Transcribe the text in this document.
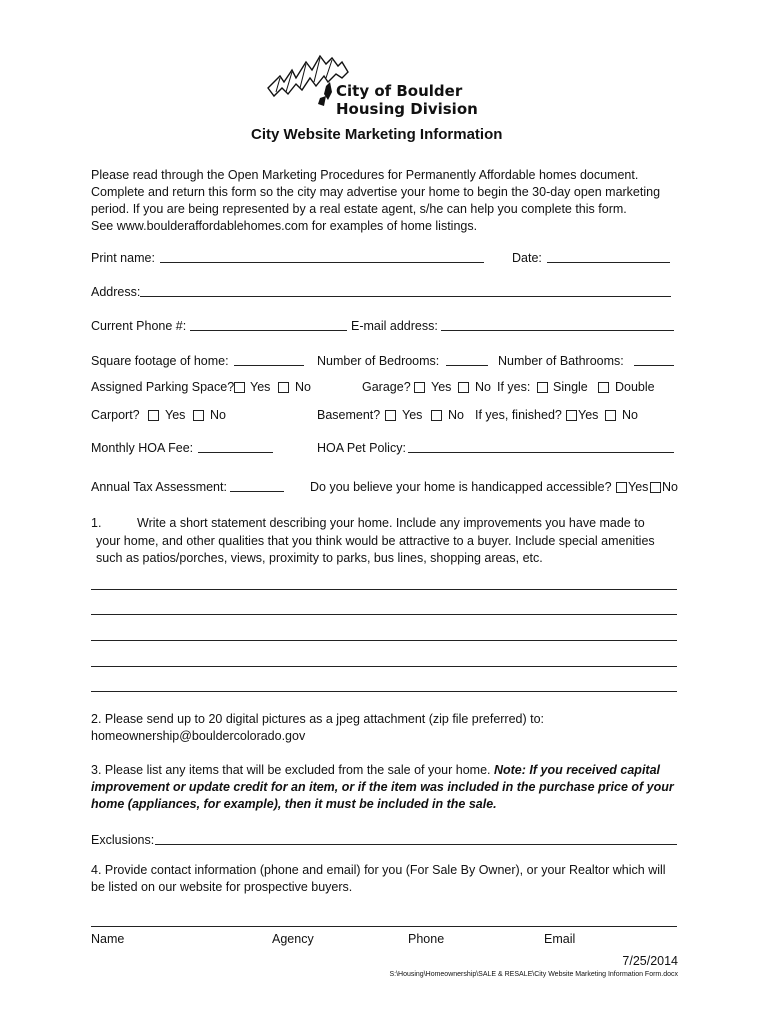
City of Boulder
Housing Division
City Website Marketing Information
Please read through the Open Marketing Procedures for Permanently Affordable homes document.
Complete and return this form so the city may advertise your home to begin the 30-day open marketing
period. If you are being represented by a real estate agent, s/he can help you complete this form.
See www.boulderaffordablehomes.com for examples of home listings.
Print name:	Date:
Address:
Current Phone #:	E-mail address:
Square footage of home:	Number of Bedrooms:	Number of Bathrooms:
Assigned Parking Space? Yes No	Garage? Yes No If yes: Single Double
Carport? Yes No	Basement? Yes No If yes, finished? Yes No
Monthly HOA Fee:	HOA Pet Policy:
Annual Tax Assessment:	Do you believe your home is handicapped accessible? Yes No
1.	Write a short statement describing your home. Include any improvements you have made to
your home, and other qualities that you think would be attractive to a buyer. Include special amenities
such as patios/porches, views, proximity to parks, bus lines, shopping areas, etc.
2. Please send up to 20 digital pictures as a jpeg attachment (zip file preferred) to:
homeownership@bouldercolorado.gov
3. Please list any items that will be excluded from the sale of your home. Note: If you received capital
improvement or update credit for an item, or if the item was included in the purchase price of your
home (appliances, for example), then it must be included in the sale.
Exclusions:
4. Provide contact information (phone and email) for you (For Sale By Owner), or your Realtor which will
be listed on our website for prospective buyers.
Name	Agency	Phone	Email
7/25/2014
S:\Housing\Homeownership\SALE & RESALE\City Website Marketing Information Form.docx
